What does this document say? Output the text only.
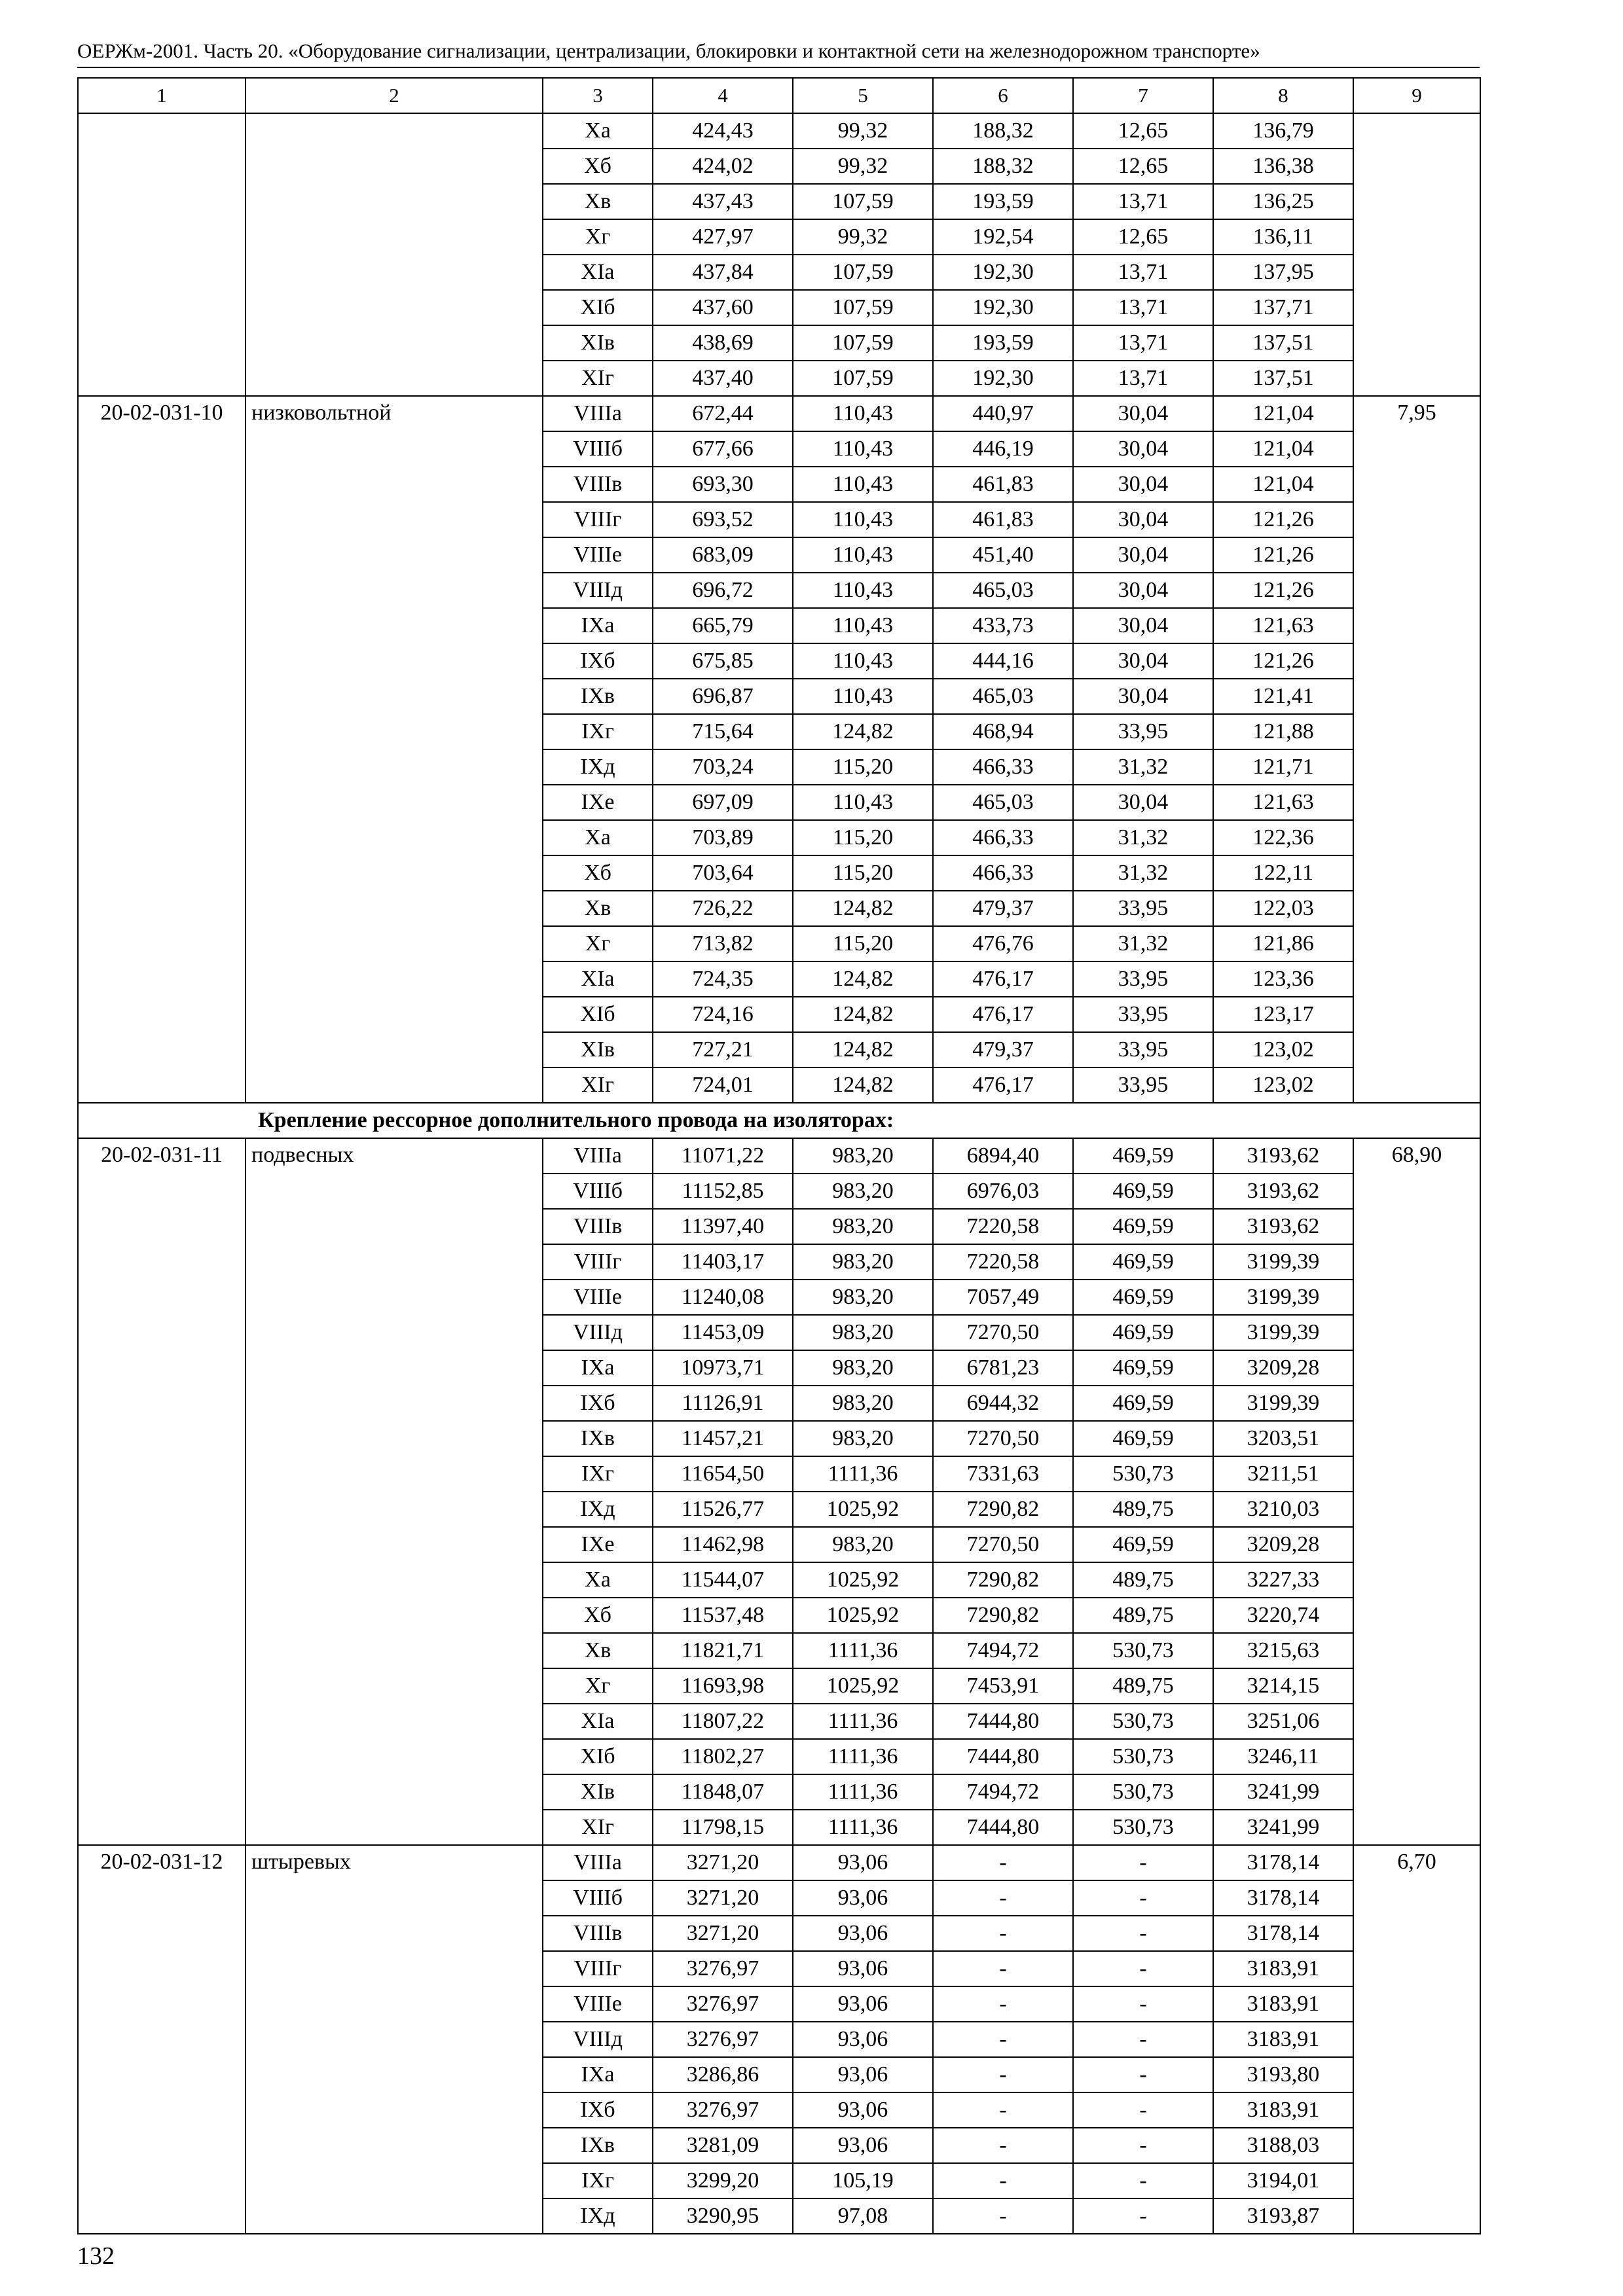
ОЕРЖм-2001. Часть 20. «Оборудование сигнализации, централизации, блокировки и контактной сети на железнодорожном транспорте»
1	2	3	4	5	6	7	8	9
		Xa	424,43	99,32	188,32	12,65	136,79	
		Xб	424,02	99,32	188,32	12,65	136,38	
		Xв	437,43	107,59	193,59	13,71	136,25	
		Xг	427,97	99,32	192,54	12,65	136,11	
		XIa	437,84	107,59	192,30	13,71	137,95	
		XIб	437,60	107,59	192,30	13,71	137,71	
		XIв	438,69	107,59	193,59	13,71	137,51	
		XIг	437,40	107,59	192,30	13,71	137,51	
20-02-031-10	низковольтной	VIIIa	672,44	110,43	440,97	30,04	121,04	7,95
		VIIIб	677,66	110,43	446,19	30,04	121,04	
		VIIIв	693,30	110,43	461,83	30,04	121,04	
		VIIIг	693,52	110,43	461,83	30,04	121,26	
		VIIIe	683,09	110,43	451,40	30,04	121,26	
		VIIIд	696,72	110,43	465,03	30,04	121,26	
		IXa	665,79	110,43	433,73	30,04	121,63	
		IXб	675,85	110,43	444,16	30,04	121,26	
		IXв	696,87	110,43	465,03	30,04	121,41	
		IXг	715,64	124,82	468,94	33,95	121,88	
		IXд	703,24	115,20	466,33	31,32	121,71	
		IXe	697,09	110,43	465,03	30,04	121,63	
		Xa	703,89	115,20	466,33	31,32	122,36	
		Xб	703,64	115,20	466,33	31,32	122,11	
		Xв	726,22	124,82	479,37	33,95	122,03	
		Xг	713,82	115,20	476,76	31,32	121,86	
		XIa	724,35	124,82	476,17	33,95	123,36	
		XIб	724,16	124,82	476,17	33,95	123,17	
		XIв	727,21	124,82	479,37	33,95	123,02	
		XIг	724,01	124,82	476,17	33,95	123,02	
Крепление рессорное дополнительного провода на изоляторах:								
20-02-031-11	подвесных	VIIIa	11071,22	983,20	6894,40	469,59	3193,62	68,90
		VIIIб	11152,85	983,20	6976,03	469,59	3193,62	
		VIIIв	11397,40	983,20	7220,58	469,59	3193,62	
		VIIIг	11403,17	983,20	7220,58	469,59	3199,39	
		VIIIe	11240,08	983,20	7057,49	469,59	3199,39	
		VIIIд	11453,09	983,20	7270,50	469,59	3199,39	
		IXa	10973,71	983,20	6781,23	469,59	3209,28	
		IXб	11126,91	983,20	6944,32	469,59	3199,39	
		IXв	11457,21	983,20	7270,50	469,59	3203,51	
		IXг	11654,50	1111,36	7331,63	530,73	3211,51	
		IXд	11526,77	1025,92	7290,82	489,75	3210,03	
		IXe	11462,98	983,20	7270,50	469,59	3209,28	
		Xa	11544,07	1025,92	7290,82	489,75	3227,33	
		Xб	11537,48	1025,92	7290,82	489,75	3220,74	
		Xв	11821,71	1111,36	7494,72	530,73	3215,63	
		Xг	11693,98	1025,92	7453,91	489,75	3214,15	
		XIa	11807,22	1111,36	7444,80	530,73	3251,06	
		XIб	11802,27	1111,36	7444,80	530,73	3246,11	
		XIв	11848,07	1111,36	7494,72	530,73	3241,99	
		XIг	11798,15	1111,36	7444,80	530,73	3241,99	
20-02-031-12	штыревых	VIIIa	3271,20	93,06	-	-	3178,14	6,70
		VIIIб	3271,20	93,06	-	-	3178,14	
		VIIIв	3271,20	93,06	-	-	3178,14	
		VIIIг	3276,97	93,06	-	-	3183,91	
		VIIIe	3276,97	93,06	-	-	3183,91	
		VIIIд	3276,97	93,06	-	-	3183,91	
		IXa	3286,86	93,06	-	-	3193,80	
		IXб	3276,97	93,06	-	-	3183,91	
		IXв	3281,09	93,06	-	-	3188,03	
		IXг	3299,20	105,19	-	-	3194,01	
		IXд	3290,95	97,08	-	-	3193,87	
132
